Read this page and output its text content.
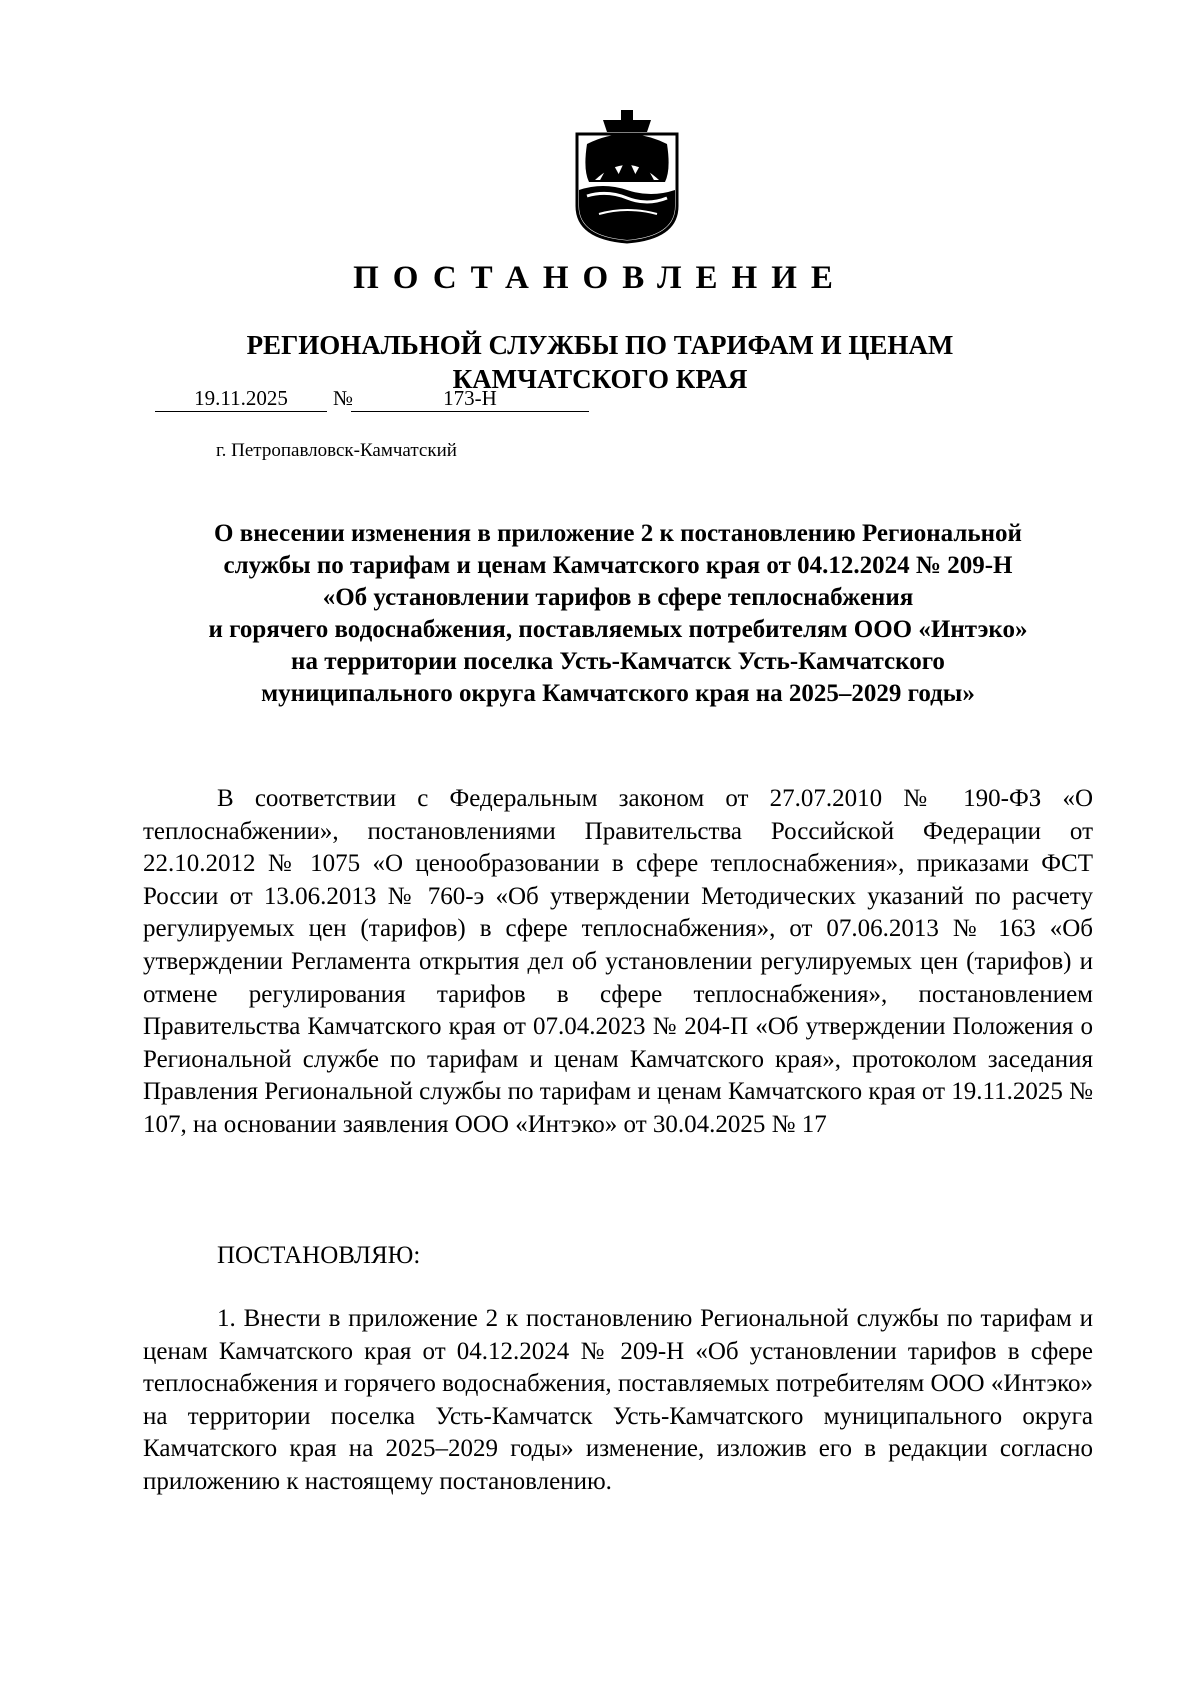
ПОСТАНОВЛЕНИЕ
РЕГИОНАЛЬНОЙ СЛУЖБЫ ПО ТАРИФАМ И ЦЕНАМ
КАМЧАТСКОГО КРАЯ
19.11.2025	№	173-Н
г. Петропавловск-Камчатский
О внесении изменения в приложение 2 к постановлению Региональной
службы по тарифам и ценам Камчатского края от 04.12.2024 № 209-Н
«Об установлении тарифов в сфере теплоснабжения
и горячего водоснабжения, поставляемых потребителям ООО «Интэко»
на территории поселка Усть-Камчатск Усть-Камчатского
муниципального округа Камчатского края на 2025–2029 годы»

В соответствии с Федеральным законом от 27.07.2010 № 190-ФЗ «О теплоснабжении», постановлениями Правительства Российской Федерации от 22.10.2012 № 1075 «О ценообразовании в сфере теплоснабжения», приказами ФСТ России от 13.06.2013 № 760-э «Об утверждении Методических указаний по расчету регулируемых цен (тарифов) в сфере теплоснабжения», от 07.06.2013 № 163 «Об утверждении Регламента открытия дел об установлении регулируемых цен (тарифов) и отмене регулирования тарифов в сфере теплоснабжения», постановлением Правительства Камчатского края от 07.04.2023 № 204-П «Об утверждении Положения о Региональной службе по тарифам и ценам Камчатского края», протоколом заседания Правления Региональной службы по тарифам и ценам Камчатского края от 19.11.2025 № 107, на основании заявления ООО «Интэко» от 30.04.2025 № 17

ПОСТАНОВЛЯЮ:

1. Внести в приложение 2 к постановлению Региональной службы по тарифам и ценам Камчатского края от 04.12.2024 № 209-Н «Об установлении тарифов в сфере теплоснабжения и горячего водоснабжения, поставляемых потребителям ООО «Интэко» на территории поселка Усть-Камчатск Усть-Камчатского муниципального округа Камчатского края на 2025–2029 годы» изменение, изложив его в редакции согласно приложению к настоящему постановлению.
